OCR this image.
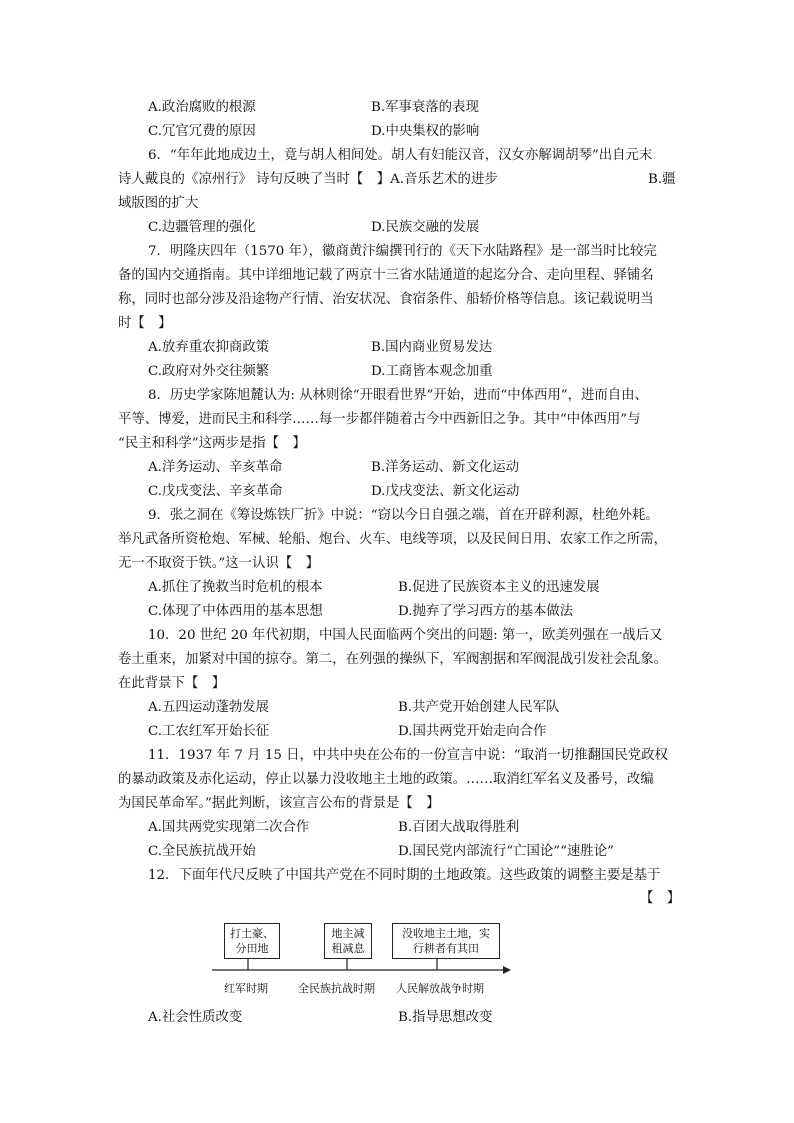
A.政治腐败的根源	B.军事衰落的表现
C.冗官冗费的原因	D.中央集权的影响
6．“年年此地成边土，竟与胡人相间处。胡人有妇能汉音，汉女亦解调胡琴”出自元末
诗人戴良的《凉州行》 诗句反映了当时【　】A.音乐艺术的进步	B.疆
域版图的扩大
C.边疆管理的强化	D.民族交融的发展
7．明隆庆四年（1570 年），徽商黄汴编撰刊行的《天下水陆路程》是一部当时比较完
备的国内交通指南。其中详细地记载了两京十三省水陆通道的起迄分合、走向里程、驿铺名
称，同时也部分涉及沿途物产行情、治安状况、食宿条件、船轿价格等信息。该记载说明当
时【　】
A.放弃重农抑商政策	B.国内商业贸易发达
C.政府对外交往频繁	D.工商皆本观念加重
8．历史学家陈旭麓认为: 从林则徐“开眼看世界”开始，进而“中体西用”，进而自由、
平等、博爱，进而民主和科学……每一步都伴随着古今中西新旧之争。其中“中体西用”与
“民主和科学”这两步是指【　】
A.洋务运动、辛亥革命	B.洋务运动、新文化运动
C.戊戌变法、辛亥革命	D.戊戌变法、新文化运动
9．张之洞在《筹设炼铁厂折》中说：“窃以今日自强之端，首在开辟利源，杜绝外耗。
举凡武备所资枪炮、军械、轮船、炮台、火车、电线等项，以及民间日用、农家工作之所需，
无一不取资于铁。”这一认识【　】
A.抓住了挽救当时危机的根本	B.促进了民族资本主义的迅速发展
C.体现了中体西用的基本思想	D.抛弃了学习西方的基本做法
10．20 世纪 20 年代初期，中国人民面临两个突出的问题: 第一，欧美列强在一战后又
卷土重来，加紧对中国的掠夺。第二，在列强的操纵下，军阀割据和军阀混战引发社会乱象。
在此背景下【　】
A.五四运动蓬勃发展	B.共产党开始创建人民军队
C.工农红军开始长征	D.国共两党开始走向合作
11．1937 年 7 月 15 日，中共中央在公布的一份宣言中说：“取消一切推翻国民党政权
的暴动政策及赤化运动，停止以暴力没收地主土地的政策。……取消红军名义及番号，改编
为国民革命军。”据此判断，该宣言公布的背景是【　】
A.国共两党实现第二次合作	B.百团大战取得胜利
C.全民族抗战开始	D.国民党内部流行“亡国论”“速胜论”
12．下面年代尺反映了中国共产党在不同时期的土地政策。这些政策的调整主要是基于
【　】
打土豪、
分田地
地主减
租减息
没收地主土地，实
行耕者有其田
红军时期	全民族抗战时期 人民解放战争时期
A.社会性质改变	B.指导思想改变
